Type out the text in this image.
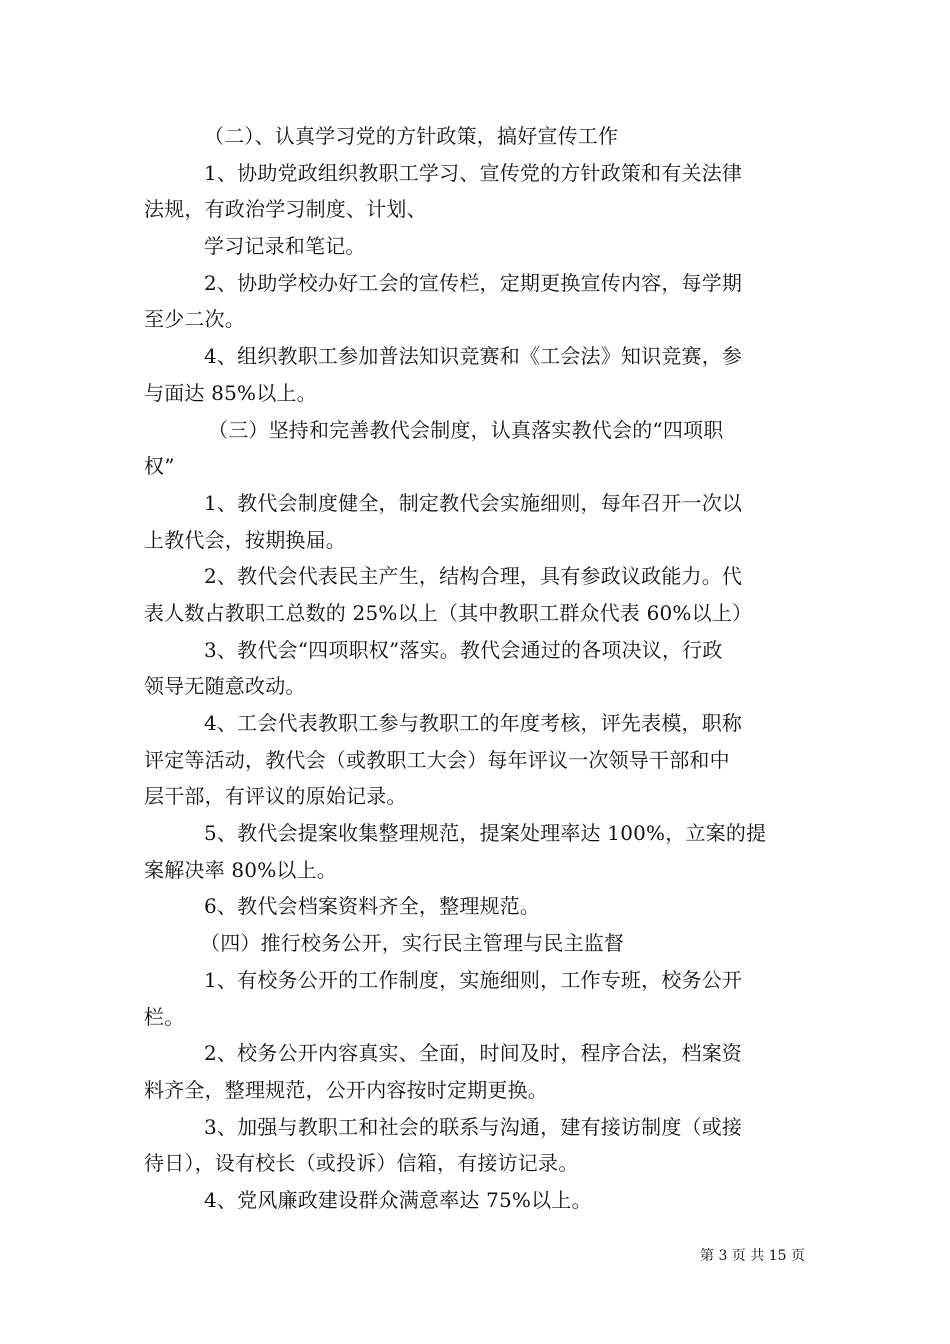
（二）、认真学习党的方针政策，搞好宣传工作
1、协助党政组织教职工学习、宣传党的方针政策和有关法律
法规，有政治学习制度、计划、
学习记录和笔记。
2、协助学校办好工会的宣传栏，定期更换宣传内容，每学期
至少二次。
4、组织教职工参加普法知识竞赛和《工会法》知识竞赛，参
与面达 85%以上。
（三）坚持和完善教代会制度，认真落实教代会的“四项职
权”
1、教代会制度健全，制定教代会实施细则，每年召开一次以
上教代会，按期换届。
2、教代会代表民主产生，结构合理，具有参政议政能力。代
表人数占教职工总数的 25%以上（其中教职工群众代表 60%以上）
3、教代会“四项职权”落实。教代会通过的各项决议，行政
领导无随意改动。
4、工会代表教职工参与教职工的年度考核，评先表模，职称
评定等活动，教代会（或教职工大会）每年评议一次领导干部和中
层干部，有评议的原始记录。
5、教代会提案收集整理规范，提案处理率达 100%，立案的提
案解决率 80%以上。
6、教代会档案资料齐全，整理规范。
（四）推行校务公开，实行民主管理与民主监督
1、有校务公开的工作制度，实施细则，工作专班，校务公开
栏。
2、校务公开内容真实、全面，时间及时，程序合法，档案资
料齐全，整理规范，公开内容按时定期更换。
3、加强与教职工和社会的联系与沟通，建有接访制度（或接
待日），设有校长（或投诉）信箱，有接访记录。
4、党风廉政建设群众满意率达 75%以上。
第 3 页 共 15 页
